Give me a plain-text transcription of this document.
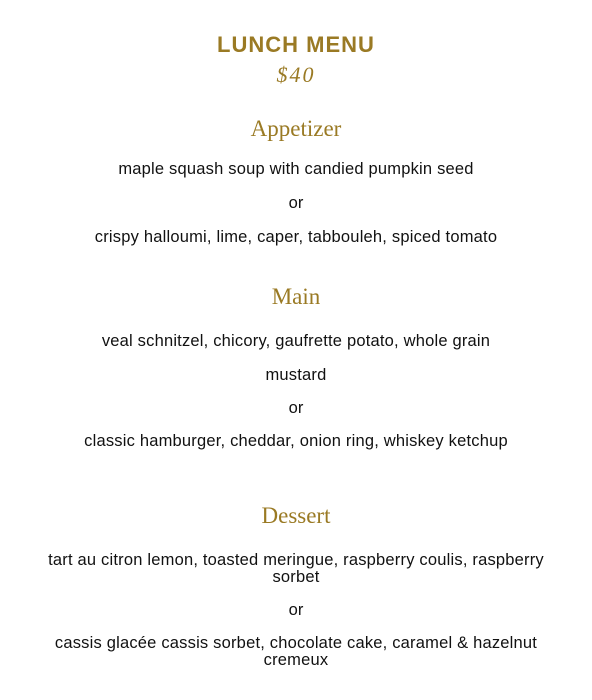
LUNCH MENU
$40
Appetizer
maple squash soup with candied pumpkin seed
or
crispy halloumi, lime, caper, tabbouleh, spiced tomato
Main
veal schnitzel, chicory, gaufrette potato, whole grain
mustard
or
classic hamburger, cheddar, onion ring, whiskey ketchup
Dessert
tart au citron lemon, toasted meringue, raspberry coulis, raspberry sorbet
or
cassis glacée cassis sorbet, chocolate cake, caramel & hazelnut cremeux
